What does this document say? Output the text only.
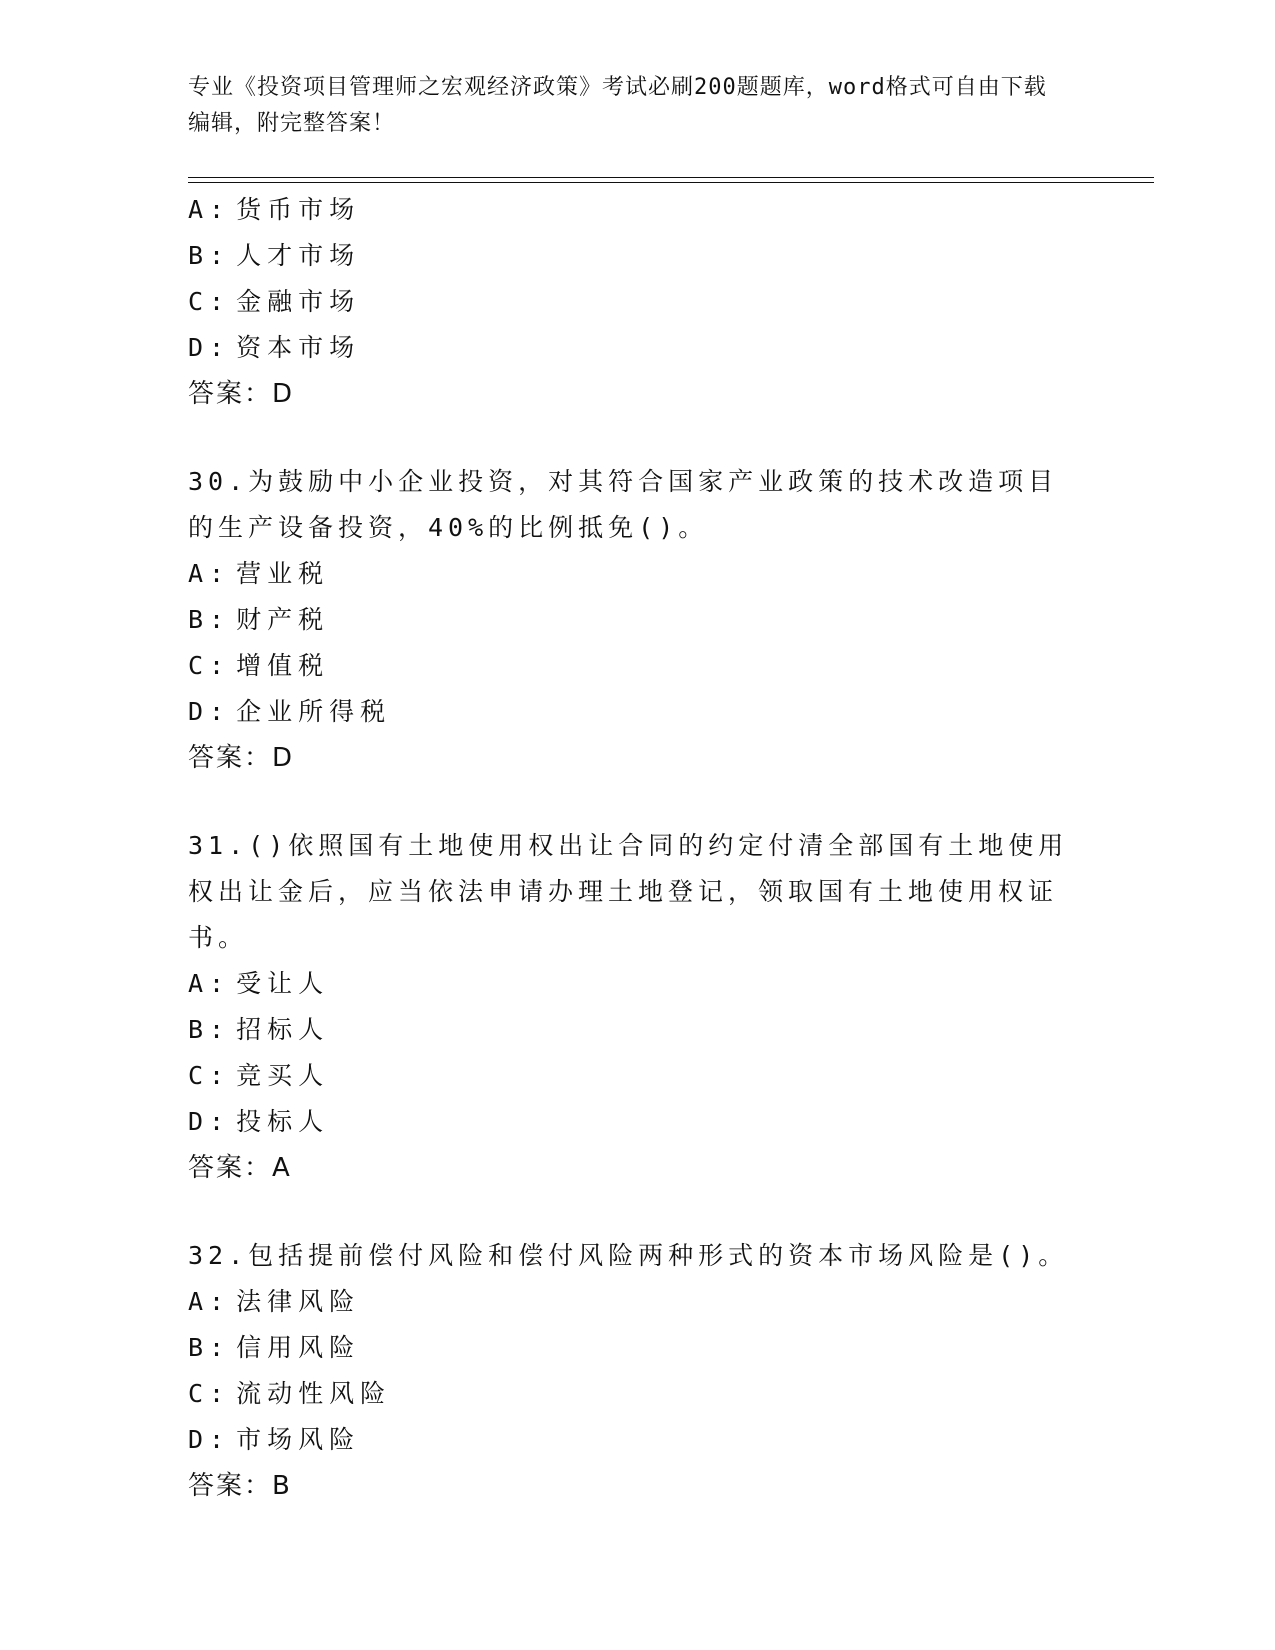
专业《投资项目管理师之宏观经济政策》考试必刷200题题库，word格式可自由下载编辑，附完整答案！
A: 货币市场
B: 人才市场
C: 金融市场
D: 资本市场
答案：D
30.为鼓励中小企业投资，对其符合国家产业政策的技术改造项目的生产设备投资，40%的比例抵免()。
A: 营业税
B: 财产税
C: 增值税
D: 企业所得税
答案：D
31.()依照国有土地使用权出让合同的约定付清全部国有土地使用权出让金后，应当依法申请办理土地登记，领取国有土地使用权证书。
A: 受让人
B: 招标人
C: 竞买人
D: 投标人
答案：A
32.包括提前偿付风险和偿付风险两种形式的资本市场风险是()。
A: 法律风险
B: 信用风险
C: 流动性风险
D: 市场风险
答案：B
